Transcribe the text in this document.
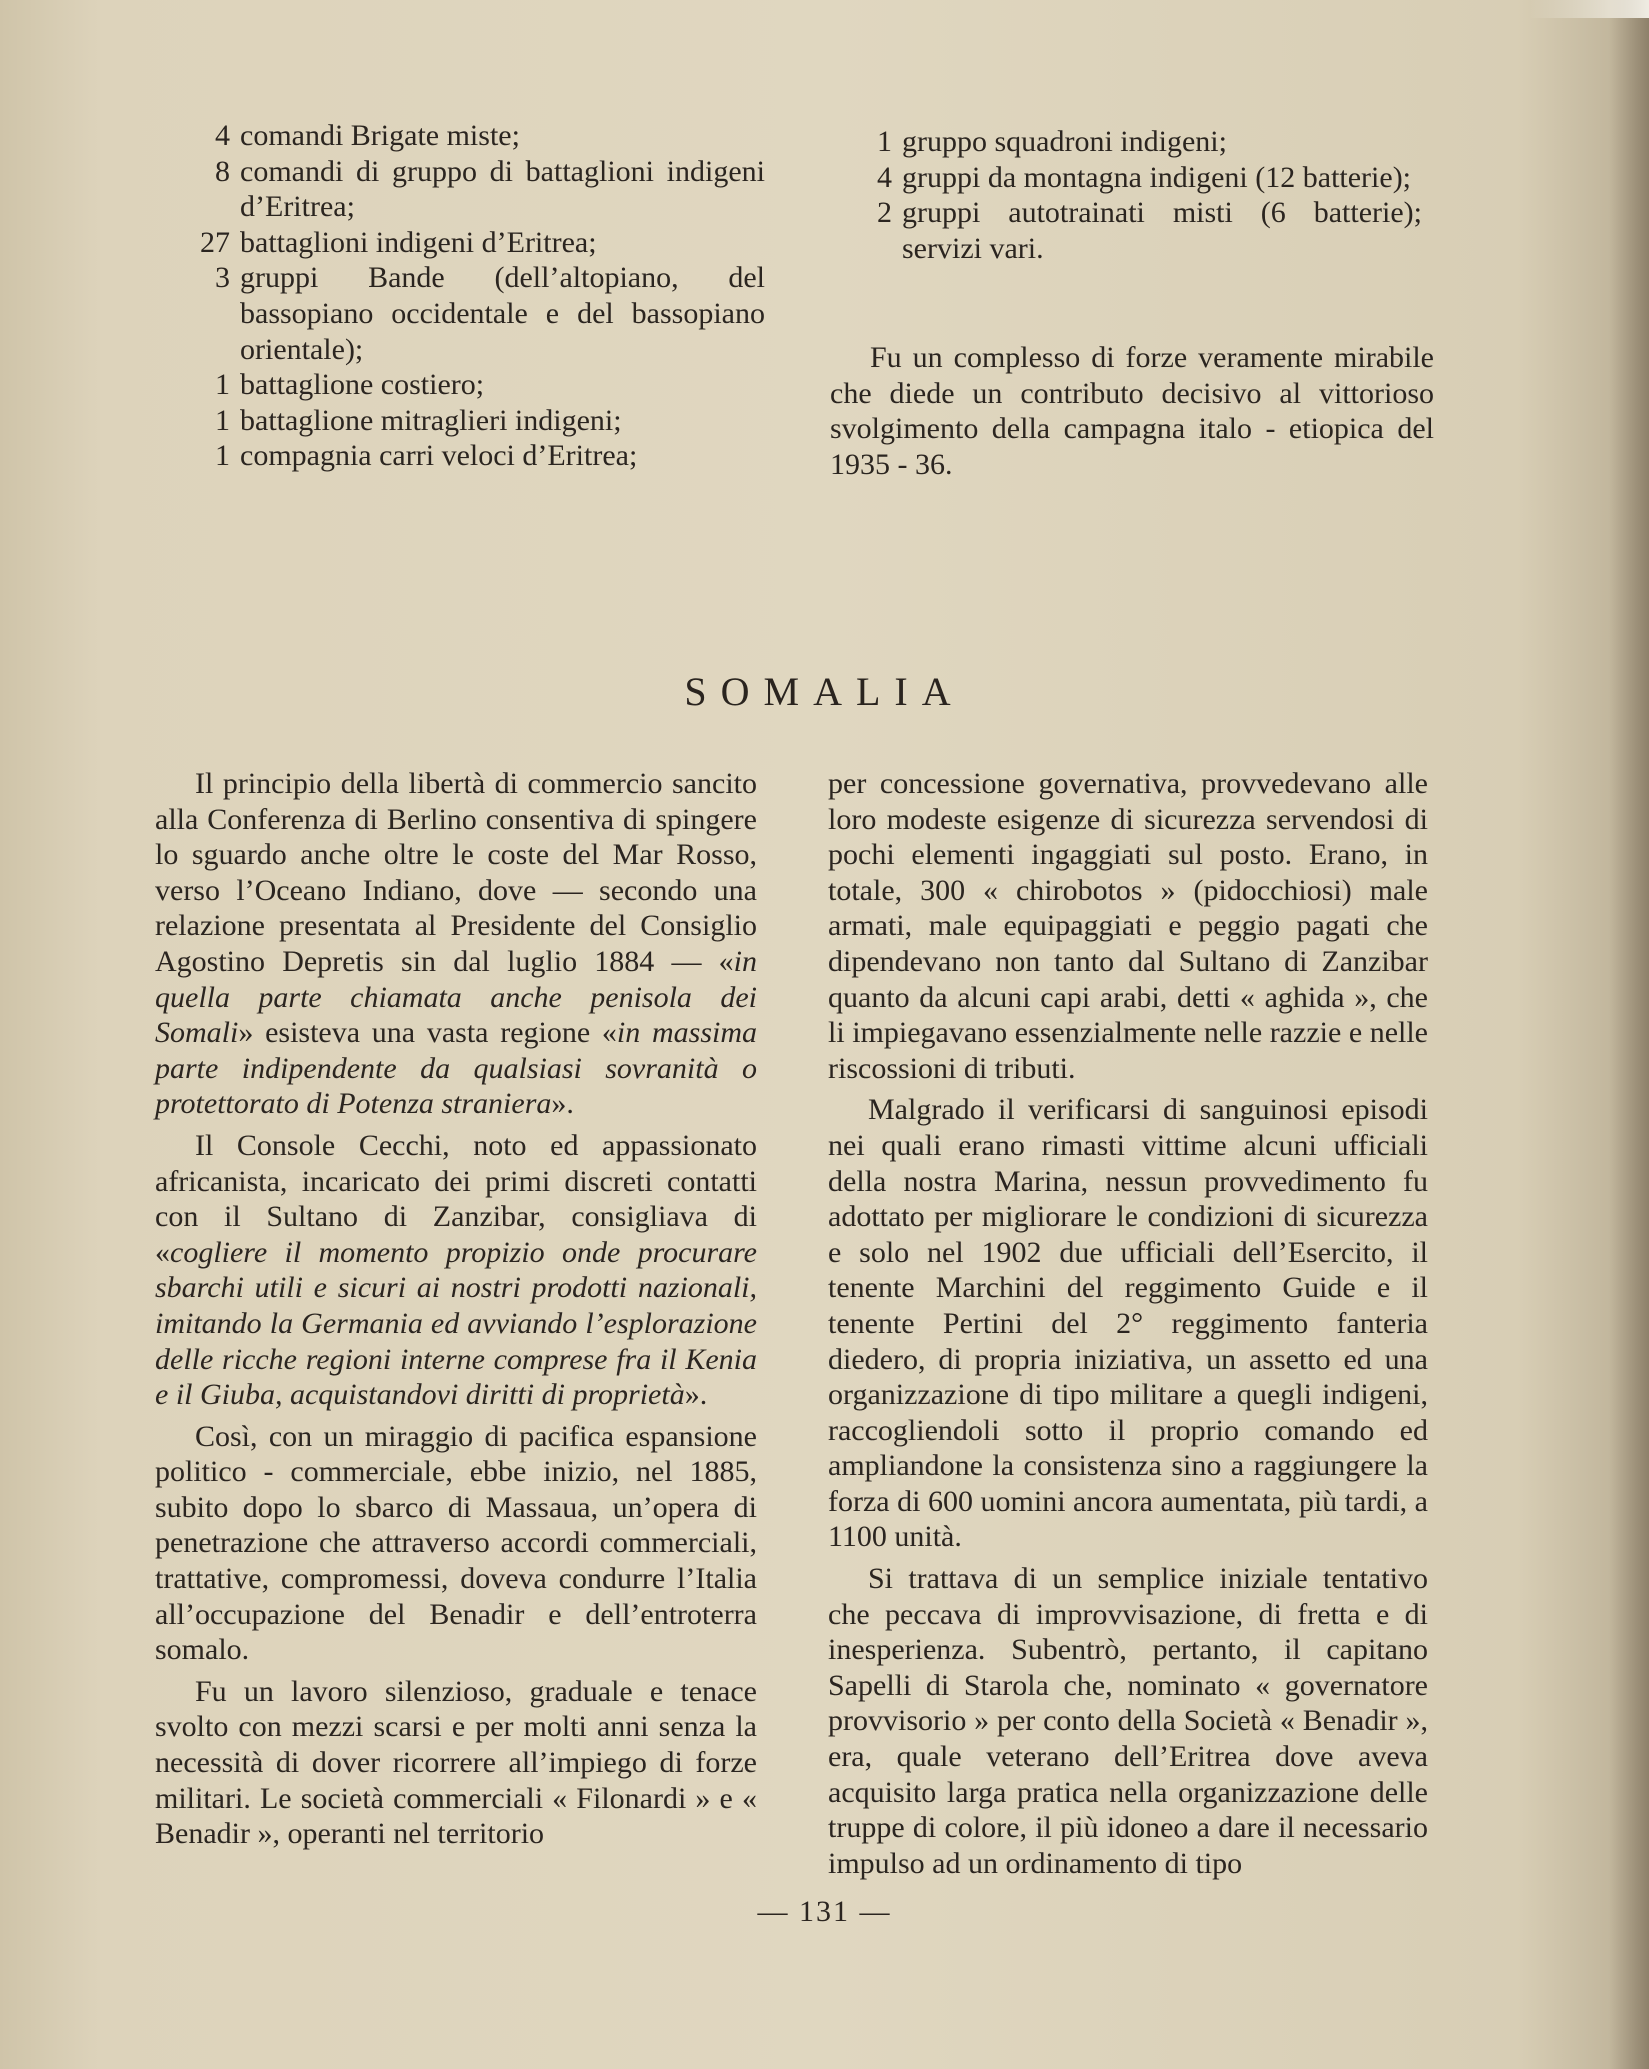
4 comandi Brigate miste;
8 comandi di gruppo di battaglioni indigeni d’Eritrea;
27 battaglioni indigeni d’Eritrea;
3 gruppi Bande (dell’altopiano, del bassopiano occidentale e del bassopiano orientale);
1 battaglione costiero;
1 battaglione mitraglieri indigeni;
1 compagnia carri veloci d’Eritrea;
1 gruppo squadroni indigeni;
4 gruppi da montagna indigeni (12 batterie);
2 gruppi autotrainati misti (6 batterie); servizi vari.

Fu un complesso di forze veramente mirabile che diede un contributo decisivo al vittorioso svolgimento della campagna italo - etiopica del 1935 - 36.

SOMALIA

Il principio della libertà di commercio sancito alla Conferenza di Berlino consentiva di spingere lo sguardo anche oltre le coste del Mar Rosso, verso l’Oceano Indiano, dove — secondo una relazione presentata al Presidente del Consiglio Agostino Depretis sin dal luglio 1884 — «in quella parte chiamata anche penisola dei Somali» esisteva una vasta regione «in massima parte indipendente da qualsiasi sovranità o protettorato di Potenza straniera».

Il Console Cecchi, noto ed appassionato africanista, incaricato dei primi discreti contatti con il Sultano di Zanzibar, consigliava di «cogliere il momento propizio onde procurare sbarchi utili e sicuri ai nostri prodotti nazionali, imitando la Germania ed avviando l’esplorazione delle ricche regioni interne comprese fra il Kenia e il Giuba, acquistandovi diritti di proprietà».

Così, con un miraggio di pacifica espansione politico - commerciale, ebbe inizio, nel 1885, subito dopo lo sbarco di Massaua, un’opera di penetrazione che attraverso accordi commerciali, trattative, compromessi, doveva condurre l’Italia all’occupazione del Benadir e dell’entroterra somalo.

Fu un lavoro silenzioso, graduale e tenace svolto con mezzi scarsi e per molti anni senza la necessità di dover ricorrere all’impiego di forze militari. Le società commerciali « Filonardi » e « Benadir », operanti nel territorio

per concessione governativa, provvedevano alle loro modeste esigenze di sicurezza servendosi di pochi elementi ingaggiati sul posto. Erano, in totale, 300 « chirobotos » (pidocchiosi) male armati, male equipaggiati e peggio pagati che dipendevano non tanto dal Sultano di Zanzibar quanto da alcuni capi arabi, detti « aghida », che li impiegavano essenzialmente nelle razzie e nelle riscossioni di tributi.

Malgrado il verificarsi di sanguinosi episodi nei quali erano rimasti vittime alcuni ufficiali della nostra Marina, nessun provvedimento fu adottato per migliorare le condizioni di sicurezza e solo nel 1902 due ufficiali dell’Esercito, il tenente Marchini del reggimento Guide e il tenente Pertini del 2° reggimento fanteria diedero, di propria iniziativa, un assetto ed una organizzazione di tipo militare a quegli indigeni, raccogliendoli sotto il proprio comando ed ampliandone la consistenza sino a raggiungere la forza di 600 uomini ancora aumentata, più tardi, a 1100 unità.

Si trattava di un semplice iniziale tentativo che peccava di improvvisazione, di fretta e di inesperienza. Subentrò, pertanto, il capitano Sapelli di Starola che, nominato « governatore provvisorio » per conto della Società « Benadir », era, quale veterano dell’Eritrea dove aveva acquisito larga pratica nella organizzazione delle truppe di colore, il più idoneo a dare il necessario impulso ad un ordinamento di tipo

— 131 —
